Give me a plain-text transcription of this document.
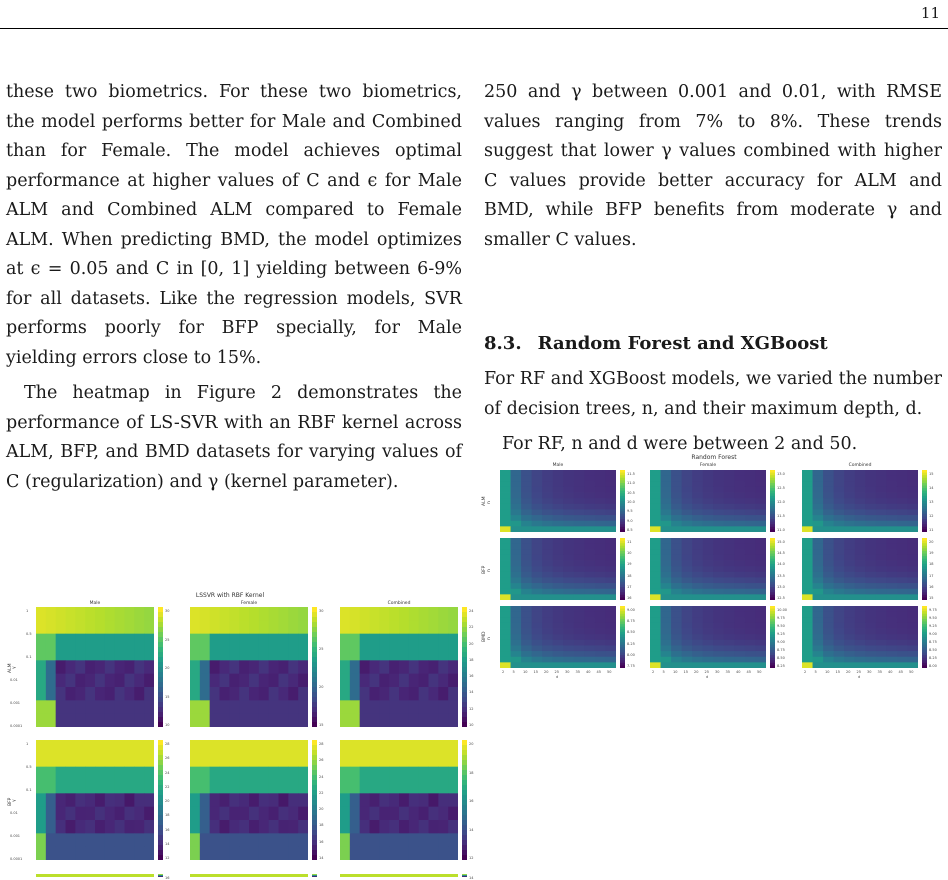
11

these two biometrics. For these two biometrics, the model performs better for Male and Combined than for Female. The model achieves optimal performance at higher values of C and ϵ for Male ALM and Combined ALM compared to Female ALM. When predicting BMD, the model optimizes at ϵ = 0.05 and C in [0, 1] yielding between 6-9% for all datasets. Like the regression models, SVR performs poorly for BFP specially, for Male yielding errors close to 15%.

The heatmap in Figure 2 demonstrates the performance of LS-SVR with an RBF kernel across ALM, BFP, and BMD datasets for varying values of C (regularization) and γ (kernel parameter).

250 and γ between 0.001 and 0.01, with RMSE values ranging from 7% to 8%. These trends suggest that lower γ values combined with higher C values provide better accuracy for ALM and BMD, while BFP benefits from moderate γ and smaller C values.

8.3. Random Forest and XGBoost

For RF and XGBoost models, we varied the number of decision trees, n, and their maximum depth, d.

For RF, n and d were between 2 and 50.

LSSVR with RBF Kernel
Male	Female	Combined
ALM γ
1
0.5
0.1
0.01
0.001
0.0001
30
25
20
15
10
30
25
20
15
24
22
20
18
16
14
12
10
BFP γ
1
0.5
0.1
0.01
0.001
0.0001
28
26
24
22
20
18
16
14
12
28
26
24
22
20
18
16
14
20
18
16
14
12
16	14
Random Forest
Male	Female	Combined
ALM n
11.5
11.0
10.5
10.0
9.5
9.0
8.5
13.0
12.5
12.0
11.5
11.0
15
14
13
12
11
BFP n
11
10
19
18
17
16
15.0
14.5
14.0
13.5
13.0
12.5
20
19
18
17
16
15
BMD n
9.00
8.75
8.50
8.25
8.00
7.75
10.00
9.75
9.50
9.25
9.00
8.75
8.50
8.25
9.75
9.50
9.25
9.00
8.75
8.50
8.25
8.00
2 5 10 15 20 25 30 35 40 45 50
d
2 5 10 15 20 25 30 35 40 45 50
d
2 5 10 15 20 25 30 35 40 45 50
d
